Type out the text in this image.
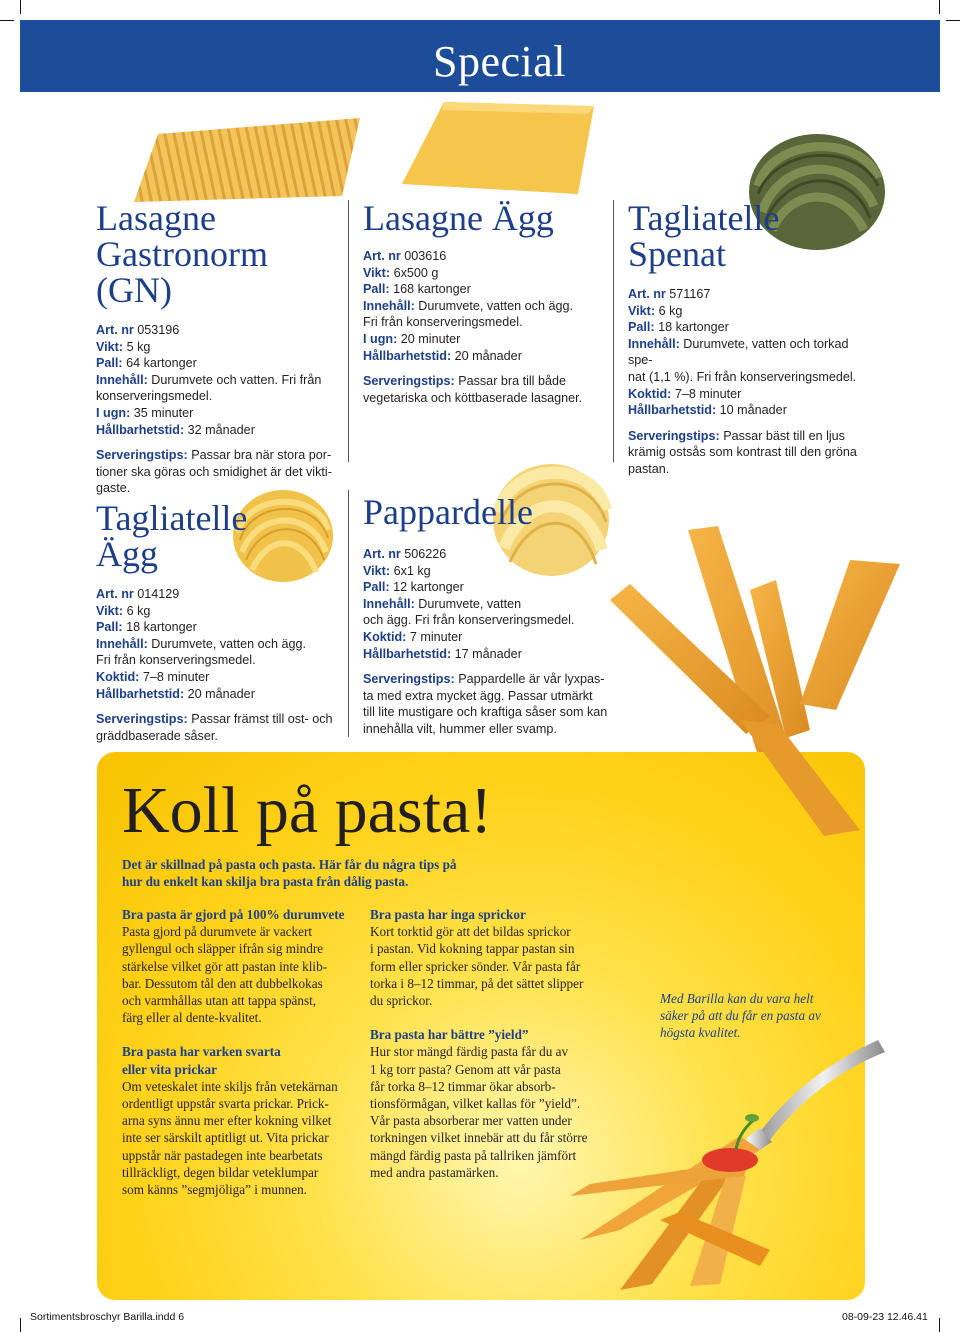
Special
Lasagne
Gastronorm (GN)

Art. nr 053196

Vikt: 5 kg

Pall: 64 kartonger

Innehåll: Durumvete och vatten. Fri från

konserveringsmedel.

I ugn: 35 minuter

Hållbarhetstid: 32 månader

Serveringstips: Passar bra när stora por-

tioner ska göras och smidighet är det vikti-

gaste.

Lasagne Ägg

Art. nr 003616

Vikt: 6x500 g

Pall: 168 kartonger

Innehåll: Durumvete, vatten och ägg.

Fri från konserveringsmedel.

I ugn: 20 minuter

Hållbarhetstid: 20 månader

Serveringstips: Passar bra till både

vegetariska och köttbaserade lasagner.

Tagliatelle
Spenat

Art. nr 571167

Vikt: 6 kg

Pall: 18 kartonger

Innehåll: Durumvete, vatten och torkad spe-

nat (1,1 %). Fri från konserveringsmedel.

Koktid: 7–8 minuter

Hållbarhetstid: 10 månader

Serveringstips: Passar bäst till en ljus

krämig ostsås som kontrast till den gröna

pastan.

Tagliatelle
Ägg

Art. nr 014129

Vikt: 6 kg

Pall: 18 kartonger

Innehåll: Durumvete, vatten och ägg.

Fri från konserveringsmedel.

Koktid: 7–8 minuter

Hållbarhetstid: 20 månader

Serveringstips: Passar främst till ost- och

gräddbaserade såser.

Pappardelle

Art. nr 506226

Vikt: 6x1 kg

Pall: 12 kartonger

Innehåll: Durumvete, vatten

och ägg. Fri från konserveringsmedel.

Koktid: 7 minuter

Hållbarhetstid: 17 månader

Serveringstips: Pappardelle är vår lyxpas-

ta med extra mycket ägg. Passar utmärkt

till lite mustigare och kraftiga såser som kan

innehålla vilt, hummer eller svamp.

Koll på pasta!
Det är skillnad på pasta och pasta. Här får du några tips på
hur du enkelt kan skilja bra pasta från dålig pasta.
Bra pasta är gjord på 100% durumvete
Pasta gjord på durumvete är vackert
gyllengul och släpper ifrån sig mindre
stärkelse vilket gör att pastan inte klib-
bar. Dessutom tål den att dubbelkokas
och varmhållas utan att tappa spänst,
färg eller al dente-kvalitet.
Bra pasta har varken svarta
eller vita prickar
Om veteskalet inte skiljs från vetekärnan
ordentligt uppstår svarta prickar. Prick-
arna syns ännu mer efter kokning vilket
inte ser särskilt aptitligt ut. Vita prickar
uppstår när pastadegen inte bearbetats
tillräckligt, degen bildar veteklumpar
som känns ”segmjöliga” i munnen.
Bra pasta har inga sprickor
Kort torktid gör att det bildas sprickor
i pastan. Vid kokning tappar pastan sin
form eller spricker sönder. Vår pasta får
torka i 8–12 timmar, på det sättet slipper
du sprickor.
Bra pasta har bättre ”yield”
Hur stor mängd färdig pasta får du av
1 kg torr pasta? Genom att vår pasta
får torka 8–12 timmar ökar absorb-
tionsförmågan, vilket kallas för ”yield”.
Vår pasta absorberar mer vatten under
torkningen vilket innebär att du får större
mängd färdig pasta på tallriken jämfört
med andra pastamärken.
Med Barilla kan du vara helt
säker på att du får en pasta av
högsta kvalitet.
Sortimentsbroschyr Barilla.indd 6	08-09-23 12.46.41
